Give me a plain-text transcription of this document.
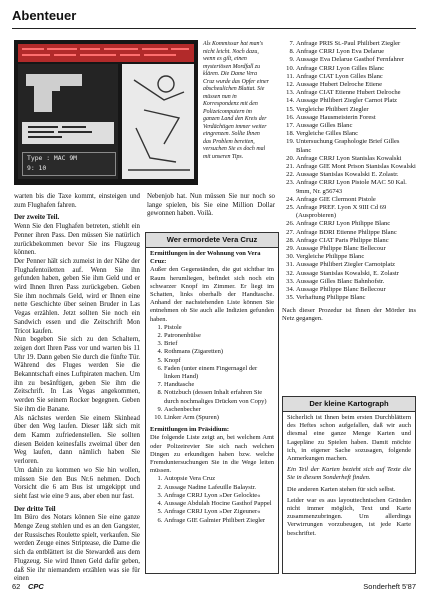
Abenteuer
Type : MAC 9M
9: 10
Als Kommissar hat man's nicht leicht. Noch dazu, wenn es gilt, einen mysteriösen Mordfall zu klären. Die Dame Vera Cruz wurde das Opfer einer abscheulichen Bluttat. Sie müssen nun in Korrespondenz mit den Polizeicomputern im ganzen Land den Kreis der Verdächtigen immer weiter eingrenzen. Sollte Ihnen das Problem bereiten, versuchen Sie es doch mal mit unseren Tips.

warten bis die Taxe kommt, einsteigen und zum Flughafen fahren.

Der zweite Teil.

Wenn Sie den Flughafen betreten, stiehlt ein Penner ihren Pass. Den müssen Sie natürlich zurückbekommen bevor Sie ins Flugzeug können.

Der Penner hält sich zumeist in der Nähe der Flughafentoiletten auf. Wenn Sie ihn gefunden haben, geben Sie ihm Geld und er wird Ihnen Ihren Pass zurückgeben. Geben Sie ihm nochmals Geld, wird er Ihnen eine nette Geschichte über seinen Bruder in Las Vegas erzählen. Jetzt sollten Sie noch ein Sandwich essen und die Zeitschrift Mon Tricot kaufen.

Nun begeben Sie sich zu den Schaltern, zeigen dort Ihren Pass vor und warten bis 11 Uhr 19. Dann geben Sie durch die fünfte Tür. Während des Fluges werden Sie die Bekanntschaft eines Luftpiraten machen. Um ihn zu besänftigen, geben Sie ihm die Zeitschrift. In Las Vegas angekommen, werden Sie seinem Rocker begegnen. Geben Sie ihm die Banane.

Als nächstes werden Sie einem Skinhead über den Weg laufen. Dieser läßt sich mit dem Kamm zufriedenstellen. Sie sollten diesen Beiden keinesfalls zweimal über den Weg laufen, dann nämlich haben Sie verloren.

Um dahin zu kommen wo Sie hin wollen, müssen Sie den Bus Nr.6 nehmen. Doch Vorsicht die 6 am Bus ist umgekippt und sieht fast wie eine 9 aus, aber eben nur fast.

Der dritte Teil

Im Büro des Notars können Sie eine ganze Menge Zeug stehlen und es an den Gangster, der Russisches Roulette spielt, verkaufen. Sie werden Zeuge eines Striptease, die Dame die sich da entblättert ist die Stewardeß aus dem Flugzeug. Sie wird Ihnen Geld dafür geben, daß Sie ihr niemandem erzählen was sie für einen

Nebenjob hat. Nun müssen Sie nur noch so lange spielen, bis Sie eine Million Dollar gewonnen haben. Voilà.

Wer ermordete Vera Cruz

Ermittlungen in der Wohnung von Vera Cruz:

Außer den Gegenständen, die gut sichtbar im Raum herumliegen, befindet sich noch ein schwarzer Knopf im Zimmer. Er liegt im Schatten, links oberhalb der Handtasche. Anhand der nachstehenden Liste können Sie entnehmen ob Sie auch alle Indizien gefunden haben.

1. Pistole
2. Patronenhülse
3. Brief
4. Rothmans (Zigaretten)
5. Knopf
6. Faden (unter einem Fingernagel der linken Hand)
7. Handtasche
8. Notizbuch (dessen Inhalt erfahren Sie durch nochmaliges Drücken von Copy)
9. Aschenbecher
10. Linker Arm (Spuren)

Ermittlungen im Präsidium:

Die folgende Liste zeigt an, bei welchem Amt oder Polizeirevier Sie sich nach welchen Dingen zu erkundigen haben bzw. welche Fremduntersuchungen Sie in die Wege leiten müssen.

1. Autopsie Vera Cruz
2. Aussage Nadine Lafeuille Balaystr.
3. Anfrage CRRJ Lyon »Der Gelockte«
4. Aussage Abdulah Hocine Gasthof Pappel
5. Anfrage CRRJ Lyon »Der Zigeuner«
6. Anfrage GIE Galmier Philibert Ziegler
7. Anfrage PRIS St.-Paul Philibert Ziegler
8. Anfrage CRRJ Lyon Eva Delarue
9. Aussage Eva Delarue Gasthof Fernfahrer
10. Anfrage CRRJ Lyon Gilles Blanc
11. Anfrage CIAT Lyon Gilles Blanc
12. Aussage Hubert Delroche Etiene
13. Anfrage CIAT Etienne Hubert Delroche
14. Aussage Philibert Ziegler Carnot Platz
15. Vergleiche Philibert Ziegler
16. Aussage Hausmeisterin Forest
17. Aussage Gilles Blanc
18. Vergleiche Gilles Blanc
19. Untersuchung Graphologie Brief Gilles Blanc
20. Anfrage CRRJ Lyon Stanislas Kowalski
21. Anfrage GIE Mont Prison Stanislas Kowalski
22. Aussage Stanislas Kowalski E. Zolastr.
23. Anfrage CRRJ Lyon Pistole MAC 50 Kal. 9mm, Nr. g56743
24. Anfrage GIE Clermont Pistole
25. Anfrage PREF. Lyon X 9III Cd 69 (Ausprobieren)
26. Anfrage CRRJ Lyon Philippe Blanc
27. Anfrage BDRI Etienne Philippe Blanc
28. Anfrage CIAT Paris Philippe Blanc
29. Aussage Philippe Blanc Bellecour
30. Vergleiche Philippe Blanc
31. Aussage Philibert Ziegler Carnotplatz
32. Aussage Stanislas Kowalski, E. Zolastr
33. Aussage Gilles Blanc Bahnhofstr.
34. Aussage Philippe Blanc Bellecour
35. Verhaftung Philippe Blanc

Nach dieser Prozedur ist Ihnen der Mörder ins Netz gegangen.

Der kleine Kartograph

Sicherlich ist Ihnen beim ersten Durchblättern des Heftes schon aufgefallen, daß wir auch diesmal eine ganze Menge Karten und Lagepläne zu Spielen haben. Damit möchte ich, in eigener Sache sozusagen, folgende Anmerkungen machen.

Ein Teil der Karten bezieht sich auf Texte die Sie in diesem Sonderheft finden.

Die anderen Karten stehen für sich selbst.

Leider war es aus layouttechnischen Gründen nicht immer möglich, Text und Karte zusammenzubringen. Um allerdings Verwirrungen vorzubeugen, ist jede Karte beschriftet.

62 CPC	Sonderheft 5'87
